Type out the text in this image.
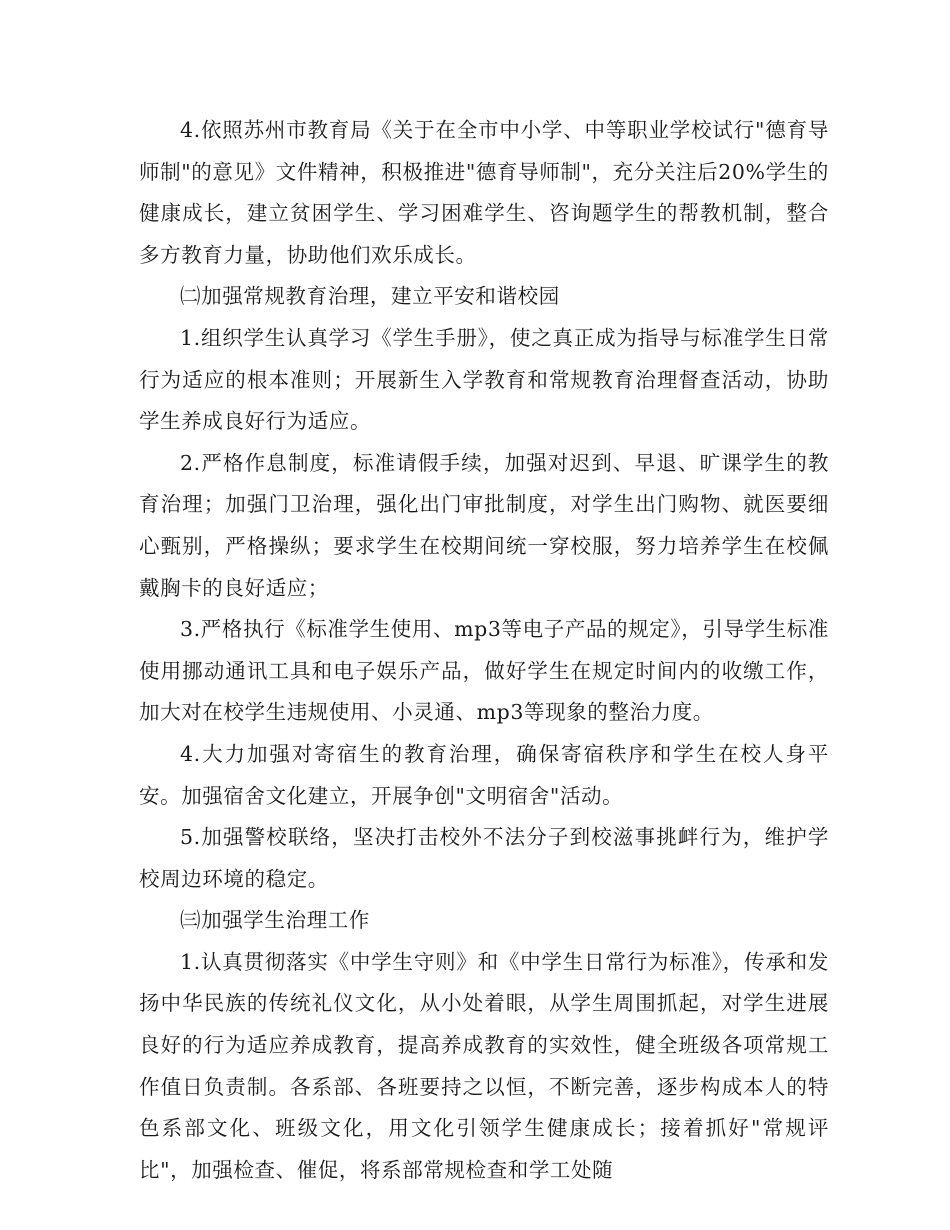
4.依照苏州市教育局《关于在全市中小学、中等职业学校试行"德育导师制"的意见》文件精神，积极推进"德育导师制"，充分关注后20%学生的健康成长，建立贫困学生、学习困难学生、咨询题学生的帮教机制，整合多方教育力量，协助他们欢乐成长。

㈡加强常规教育治理，建立平安和谐校园

1.组织学生认真学习《学生手册》，使之真正成为指导与标准学生日常行为适应的根本准则；开展新生入学教育和常规教育治理督查活动，协助学生养成良好行为适应。

2.严格作息制度，标准请假手续，加强对迟到、早退、旷课学生的教育治理；加强门卫治理，强化出门审批制度，对学生出门购物、就医要细心甄别，严格操纵；要求学生在校期间统一穿校服，努力培养学生在校佩戴胸卡的良好适应；

3.严格执行《标准学生使用、mp3等电子产品的规定》，引导学生标准使用挪动通讯工具和电子娱乐产品，做好学生在规定时间内的收缴工作，加大对在校学生违规使用、小灵通、mp3等现象的整治力度。

4.大力加强对寄宿生的教育治理，确保寄宿秩序和学生在校人身平安。加强宿舍文化建立，开展争创"文明宿舍"活动。

5.加强警校联络，坚决打击校外不法分子到校滋事挑衅行为，维护学校周边环境的稳定。

㈢加强学生治理工作

1.认真贯彻落实《中学生守则》和《中学生日常行为标准》，传承和发扬中华民族的传统礼仪文化，从小处着眼，从学生周围抓起，对学生进展良好的行为适应养成教育，提高养成教育的实效性，健全班级各项常规工作值日负责制。各系部、各班要持之以恒，不断完善，逐步构成本人的特色系部文化、班级文化，用文化引领学生健康成长；接着抓好"常规评比"，加强检查、催促，将系部常规检查和学工处随
